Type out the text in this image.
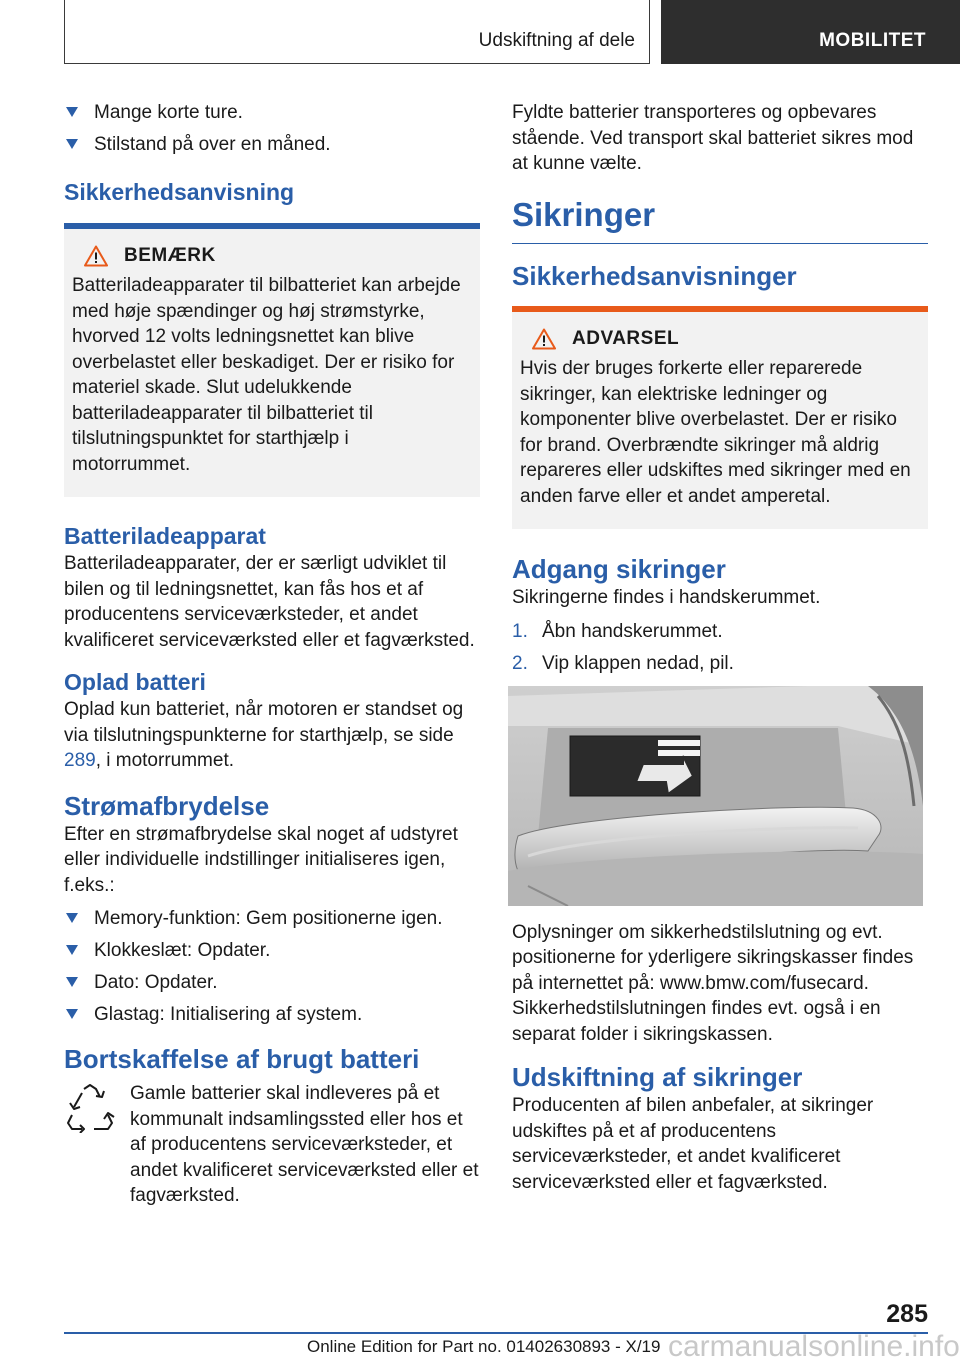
Udskiftning af dele	MOBILITET
Mange korte ture.
Stilstand på over en måned.
Sikkerhedsanvisning
BEMÆRK
Batteriladeapparater til bilbatteriet kan arbejde med høje spændinger og høj strømstyrke, hvorved 12 volts ledningsnettet kan blive overbelastet eller beskadiget. Der er risiko for materiel skade. Slut udelukkende batteriladeapparater til bilbatteriet til tilslutningspunktet for starthjælp i motorrummet.
Batteriladeapparat

Batteriladeapparater, der er særligt udviklet til bilen og til ledningsnettet, kan fås hos et af producentens serviceværksteder, et andet kvalificeret serviceværksted eller et fagværksted.

Oplad batteri

Oplad kun batteriet, når motoren er standset og via tilslutningspunkterne for starthjælp, se side 289, i motorrummet.

Strømafbrydelse

Efter en strømafbrydelse skal noget af udstyret eller individuelle indstillinger initialiseres igen, f.eks.:

Memory-funktion: Gem positionerne igen.
Klokkeslæt: Opdater.
Dato: Opdater.
Glastag: Initialisering af system.
Bortskaffelse af brugt batteri
Gamle batterier skal indleveres på et kommunalt indsamlingssted eller hos et af producentens serviceværksteder, et andet kvalificeret serviceværksted eller et fagværksted.

Fyldte batterier transporteres og opbevares stående. Ved transport skal batteriet sikres mod at kunne vælte.

Sikringer
Sikkerhedsanvisninger
ADVARSEL
Hvis der bruges forkerte eller reparerede sikringer, kan elektriske ledninger og komponenter blive overbelastet. Der er risiko for brand. Overbrændte sikringer må aldrig repareres eller udskiftes med sikringer med en anden farve eller et andet amperetal.
Adgang sikringer

Sikringerne findes i handskerummet.

1. Åbn handskerummet.
2. Vip klappen nedad, pil.

Oplysninger om sikkerhedstilslutning og evt. positionerne for yderligere sikringskasser findes på internettet på: www.bmw.com/fusecard.

Sikkerhedstilslutningen findes evt. også i en separat folder i sikringskassen.

Udskiftning af sikringer

Producenten af bilen anbefaler, at sikringer udskiftes på et af producentens serviceværksteder, et andet kvalificeret serviceværksted eller et fagværksted.

285
Online Edition for Part no. 01402630893 - X/19 carmanualsonline.info
